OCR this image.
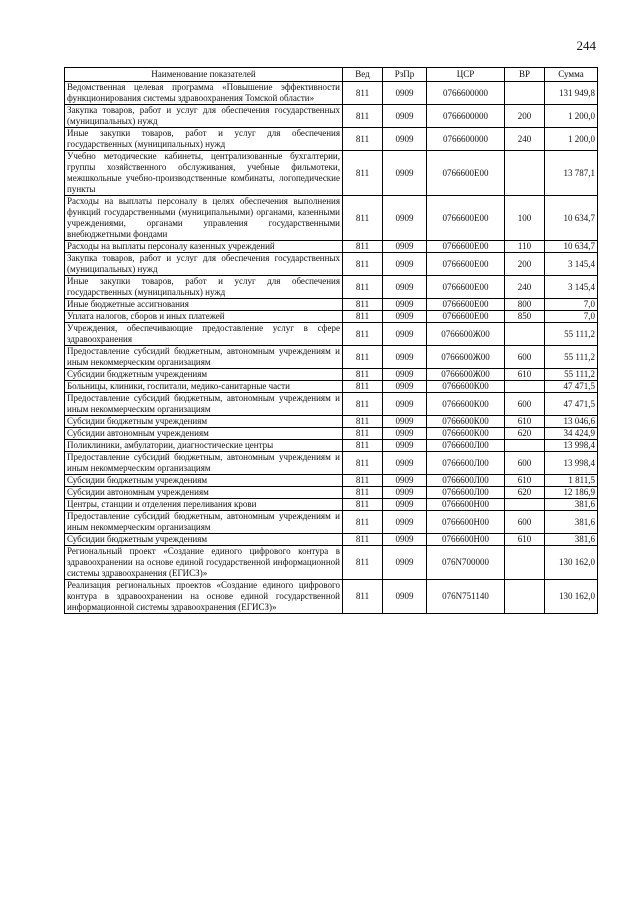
244
Наименование показателей	Вед	РзПр	ЦСР	ВР	Сумма
Ведомственная целевая программа «Повышение эффективности функционирования системы здравоохранения Томской области»	811	0909	0766600000		131 949,8
Закупка товаров, работ и услуг для обеспечения государственных (муниципальных) нужд	811	0909	0766600000	200	1 200,0
Иные закупки товаров, работ и услуг для обеспечения государственных (муниципальных) нужд	811	0909	0766600000	240	1 200,0
Учебно методические кабинеты, централизованные бухгалтерии, группы хозяйственного обслуживания, учебные фильмотеки, межшкольные учебно-производственные комбинаты, логопедические пункты	811	0909	0766600Е00		13 787,1
Расходы на выплаты персоналу в целях обеспечения выполнения функций государственными (муниципальными) органами, казенными учреждениями, органами управления государственными внебюджетными фондами	811	0909	0766600Е00	100	10 634,7
Расходы на выплаты персоналу казенных учреждений	811	0909	0766600Е00	110	10 634,7
Закупка товаров, работ и услуг для обеспечения государственных (муниципальных) нужд	811	0909	0766600Е00	200	3 145,4
Иные закупки товаров, работ и услуг для обеспечения государственных (муниципальных) нужд	811	0909	0766600Е00	240	3 145,4
Иные бюджетные ассигнования	811	0909	0766600Е00	800	7,0
Уплата налогов, сборов и иных платежей	811	0909	0766600Е00	850	7,0
Учреждения, обеспечивающие предоставление услуг в сфере здравоохранения	811	0909	0766600Ж00		55 111,2
Предоставление субсидий бюджетным, автономным учреждениям и иным некоммерческим организациям	811	0909	0766600Ж00	600	55 111,2
Субсидии бюджетным учреждениям	811	0909	0766600Ж00	610	55 111,2
Больницы, клиники, госпитали, медико-санитарные части	811	0909	0766600К00		47 471,5
Предоставление субсидий бюджетным, автономным учреждениям и иным некоммерческим организациям	811	0909	0766600К00	600	47 471,5
Субсидии бюджетным учреждениям	811	0909	0766600К00	610	13 046,6
Субсидии автономным учреждениям	811	0909	0766600К00	620	34 424,9
Поликлиники, амбулатории, диагностические центры	811	0909	0766600Л00		13 998,4
Предоставление субсидий бюджетным, автономным учреждениям и иным некоммерческим организациям	811	0909	0766600Л00	600	13 998,4
Субсидии бюджетным учреждениям	811	0909	0766600Л00	610	1 811,5
Субсидии автономным учреждениям	811	0909	0766600Л00	620	12 186,9
Центры, станции и отделения переливания крови	811	0909	0766600Н00		381,6
Предоставление субсидий бюджетным, автономным учреждениям и иным некоммерческим организациям	811	0909	0766600Н00	600	381,6
Субсидии бюджетным учреждениям	811	0909	0766600Н00	610	381,6
Региональный проект «Создание единого цифрового контура в здравоохранении на основе единой государственной информационной системы здравоохранения (ЕГИСЗ)»	811	0909	076N700000		130 162,0
Реализация региональных проектов «Создание единого цифрового контура в здравоохранении на основе единой государственной информационной системы здравоохранения (ЕГИСЗ)»	811	0909	076N751140		130 162,0
